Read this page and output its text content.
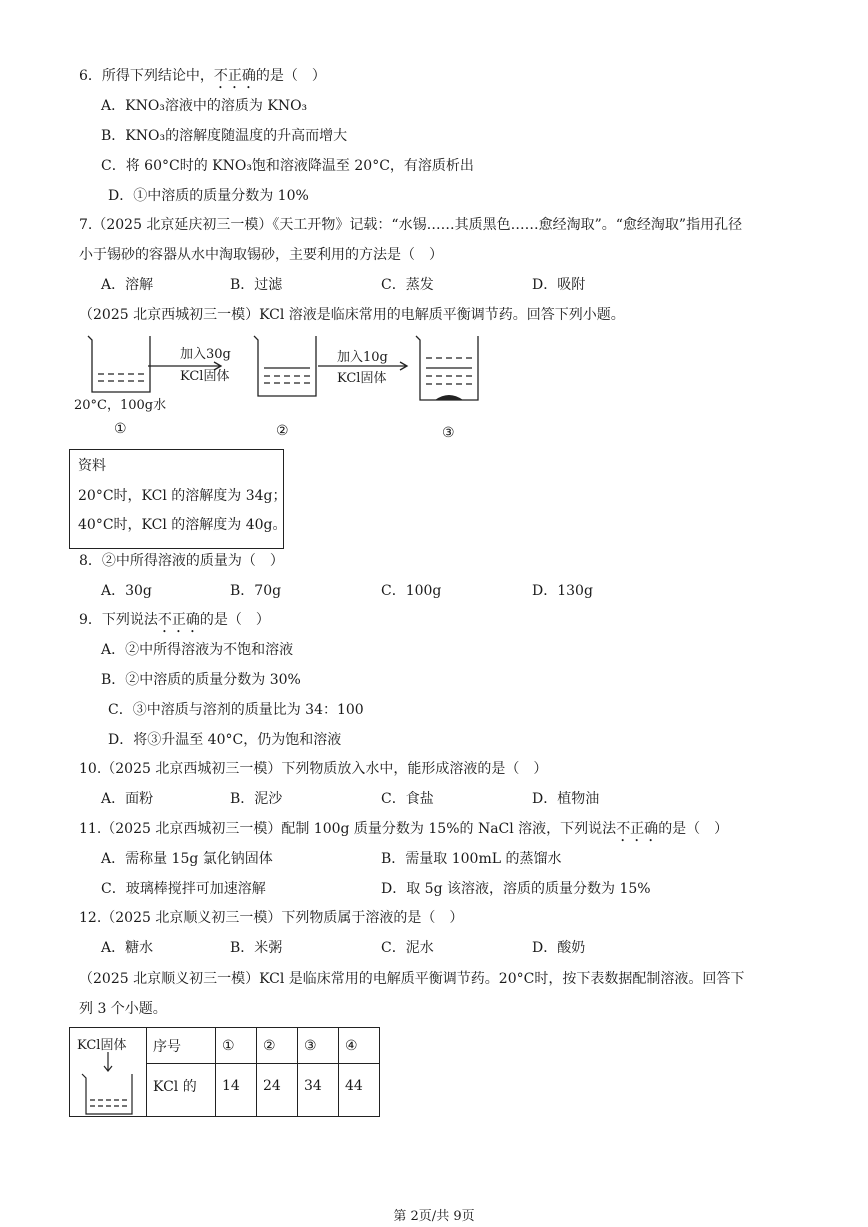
6．所得下列结论中，不正确的是（　）
A．KNO₃溶液中的溶质为 KNO₃
B．KNO₃的溶解度随温度的升高而增大
C．将 60°C时的 KNO₃饱和溶液降温至 20°C，有溶质析出
D．①中溶质的质量分数为 10%
7.（2025 北京延庆初三一模）《天工开物》记载：“水锡……其质黑色……愈经淘取”。“愈经淘取”指用孔径
小于锡砂的容器从水中淘取锡砂，主要利用的方法是（　）
A．溶解	B．过滤	C．蒸发	D．吸附
（2025 北京西城初三一模）KCl 溶液是临床常用的电解质平衡调节药。回答下列小题。
加入30g
KCl固体
加入10g
KCl固体
20°C，100g水
①	②	③
资料
20°C时，KCl 的溶解度为 34g；
40°C时，KCl 的溶解度为 40g。
8．②中所得溶液的质量为（　）
A．30g	B．70g	C．100g	D．130g
9．下列说法不正确的是（　）
A．②中所得溶液为不饱和溶液
B．②中溶质的质量分数为 30%
C．③中溶质与溶剂的质量比为 34：100
D．将③升温至 40°C，仍为饱和溶液
10.（2025 北京西城初三一模）下列物质放入水中，能形成溶液的是（　）
A．面粉	B．泥沙	C．食盐	D．植物油
11.（2025 北京西城初三一模）配制 100g 质量分数为 15%的 NaCl 溶液，下列说法不正确的是（　）
A．需称量 15g 氯化钠固体	B．需量取 100mL 的蒸馏水
C．玻璃棒搅拌可加速溶解	D．取 5g 该溶液，溶质的质量分数为 15%
12.（2025 北京顺义初三一模）下列物质属于溶液的是（　）
A．糖水	B．米粥	C．泥水	D．酸奶
（2025 北京顺义初三一模）KCl 是临床常用的电解质平衡调节药。20°C时，按下表数据配制溶液。回答下
列 3 个小题。
KCl固体	序号	①	②	③	④
	KCl 的	14	24	34	44
第 2页/共 9页
